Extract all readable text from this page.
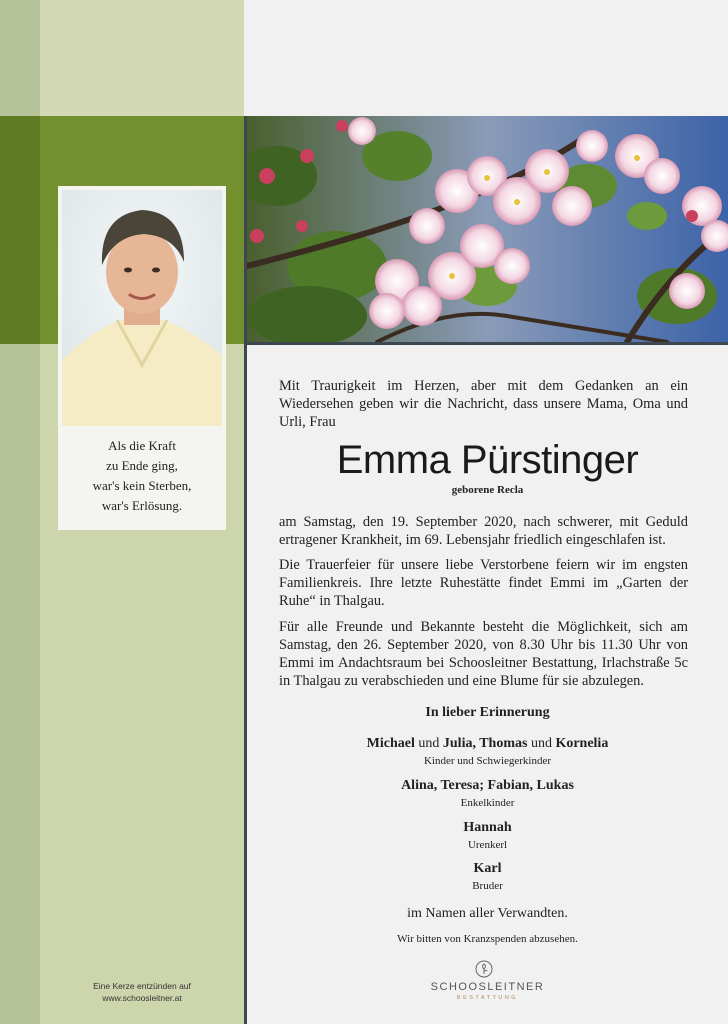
Als die Kraft
zu Ende ging,
war's kein Sterben,
war's Erlösung.
Mit Traurigkeit im Herzen, aber mit dem Gedanken an ein Wiedersehen geben wir die Nachricht, dass unsere Mama, Oma und Urli, Frau
Emma Pürstinger
geborene Recla
am Samstag, den 19. September 2020, nach schwerer, mit Geduld ertragener Krankheit, im 69. Lebensjahr friedlich eingeschlafen ist.
Die Trauerfeier für unsere liebe Verstorbene feiern wir im engsten Familienkreis. Ihre letzte Ruhestätte findet Emmi im „Garten der Ruhe“ in Thalgau.
Für alle Freunde und Bekannte besteht die Möglichkeit, sich am Samstag, den 26. September 2020, von 8.30 Uhr bis 11.30 Uhr von Emmi im Andachtsraum bei Schoosleitner Bestattung, Irlachstraße 5c in Thalgau zu verabschieden und eine Blume für sie abzulegen.
In lieber Erinnerung
Michael und Julia, Thomas und Kornelia
Kinder und Schwiegerkinder
Alina, Teresa; Fabian, Lukas
Enkelkinder
Hannah
Urenkerl
Karl
Bruder
im Namen aller Verwandten.
Wir bitten von Kranzspenden abzusehen.
SCHOOSLEITNER
BESTATTUNG
Eine Kerze entzünden auf
www.schoosleitner.at
